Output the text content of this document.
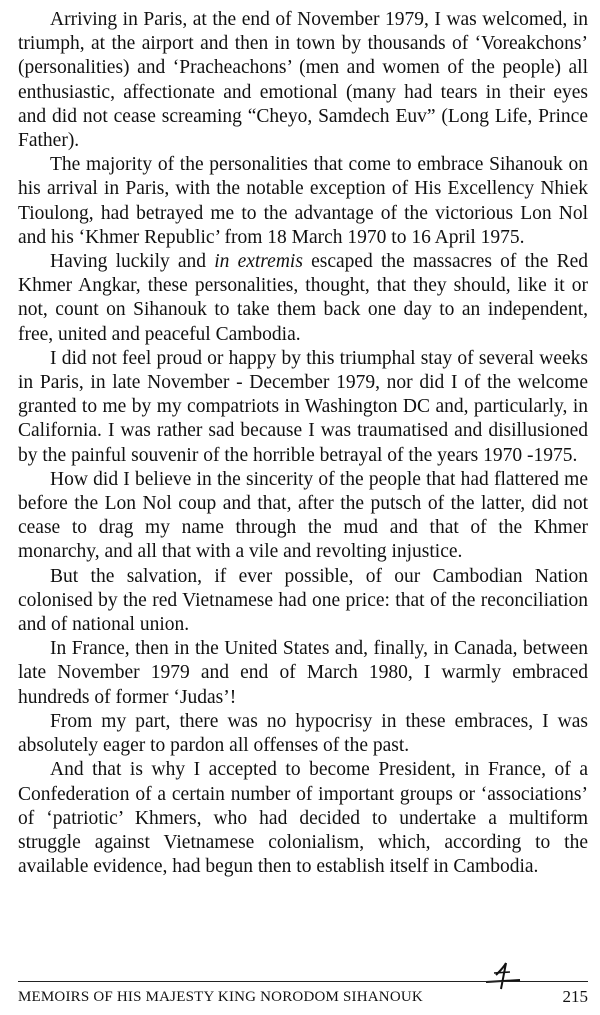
Arriving in Paris, at the end of November 1979, I was welcomed, in triumph, at the airport and then in town by thousands of ‘Voreakchons’ (personalities) and ‘Pracheachons’ (men and women of the people) all enthusiastic, affectionate and emotional (many had tears in their eyes and did not cease screaming “Cheyo, Samdech Euv” (Long Life, Prince Father).

The majority of the personalities that come to embrace Sihanouk on his arrival in Paris, with the notable exception of His Excellency Nhiek Tioulong, had betrayed me to the advantage of the victorious Lon Nol and his ‘Khmer Republic’ from 18 March 1970 to 16 April 1975.

Having luckily and in extremis escaped the massacres of the Red Khmer Angkar, these personalities, thought, that they should, like it or not, count on Sihanouk to take them back one day to an independent, free, united and peaceful Cambodia.

I did not feel proud or happy by this triumphal stay of several weeks in Paris, in late November - December 1979, nor did I of the welcome granted to me by my compatriots in Washington DC and, particularly, in California. I was rather sad because I was traumatised and disillusioned by the painful souvenir of the horrible betrayal of the years 1970 -1975.

How did I believe in the sincerity of the people that had flattered me before the Lon Nol coup and that, after the putsch of the latter, did not cease to drag my name through the mud and that of the Khmer monarchy, and all that with a vile and revolting injustice.

But the salvation, if ever possible, of our Cambodian Nation colonised by the red Vietnamese had one price: that of the reconciliation and of national union.

In France, then in the United States and, finally, in Canada, between late November 1979 and end of March 1980, I warmly embraced hundreds of former ‘Judas’!

From my part, there was no hypocrisy in these embraces, I was absolutely eager to pardon all offenses of the past.

And that is why I accepted to become President, in France, of a Confederation of a certain number of important groups or ‘associations’ of ‘patriotic’ Khmers, who had decided to undertake a multiform struggle against Vietnamese colonialism, which, according to the available evidence, had begun then to establish itself in Cambodia.

MEMOIRS OF HIS MAJESTY KING NORODOM SIHANOUK	215
